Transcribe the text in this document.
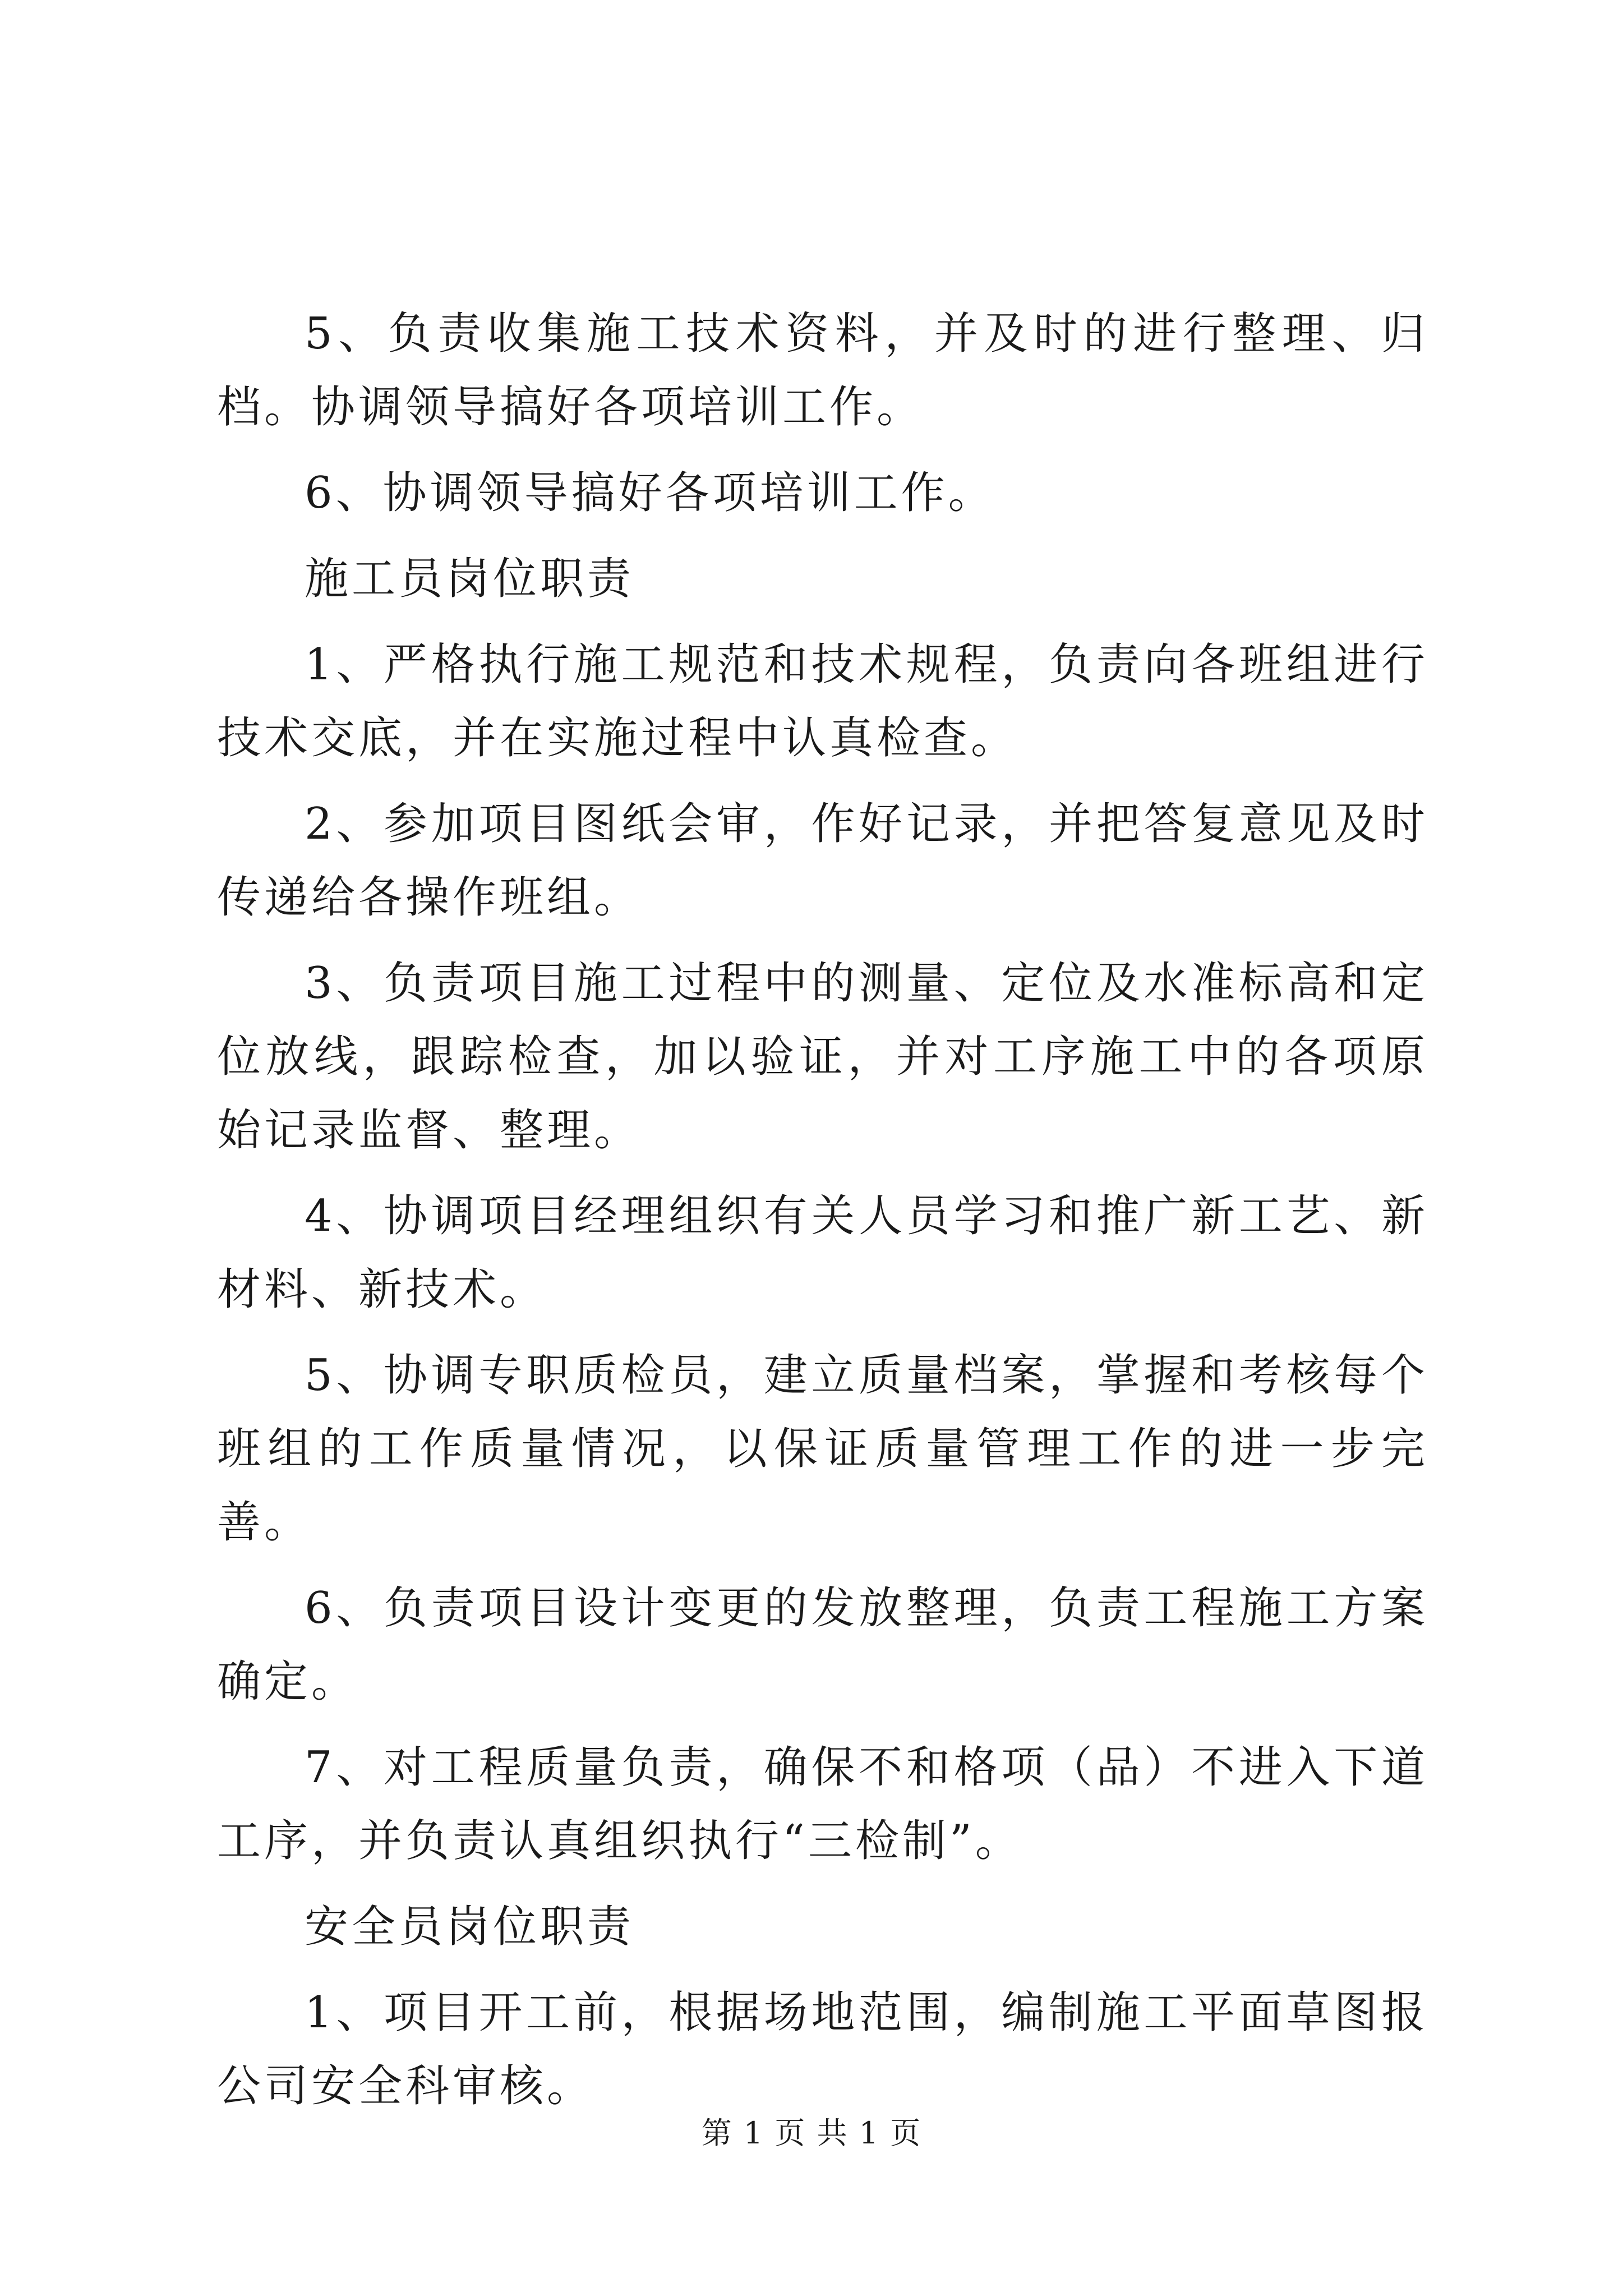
5、负责收集施工技术资料，并及时的进行整理、归档。协调领导搞好各项培训工作。

6、协调领导搞好各项培训工作。

施工员岗位职责

1、严格执行施工规范和技术规程，负责向各班组进行技术交底，并在实施过程中认真检查。

2、参加项目图纸会审，作好记录，并把答复意见及时传递给各操作班组。

3、负责项目施工过程中的测量、定位及水准标高和定位放线，跟踪检查，加以验证，并对工序施工中的各项原始记录监督、整理。

4、协调项目经理组织有关人员学习和推广新工艺、新材料、新技术。

5、协调专职质检员，建立质量档案，掌握和考核每个班组的工作质量情况，以保证质量管理工作的进一步完善。

6、负责项目设计变更的发放整理，负责工程施工方案确定。

7、对工程质量负责，确保不和格项（品）不进入下道工序，并负责认真组织执行“三检制”。

安全员岗位职责

1、项目开工前，根据场地范围，编制施工平面草图报公司安全科审核。

第 1 页 共 1 页
